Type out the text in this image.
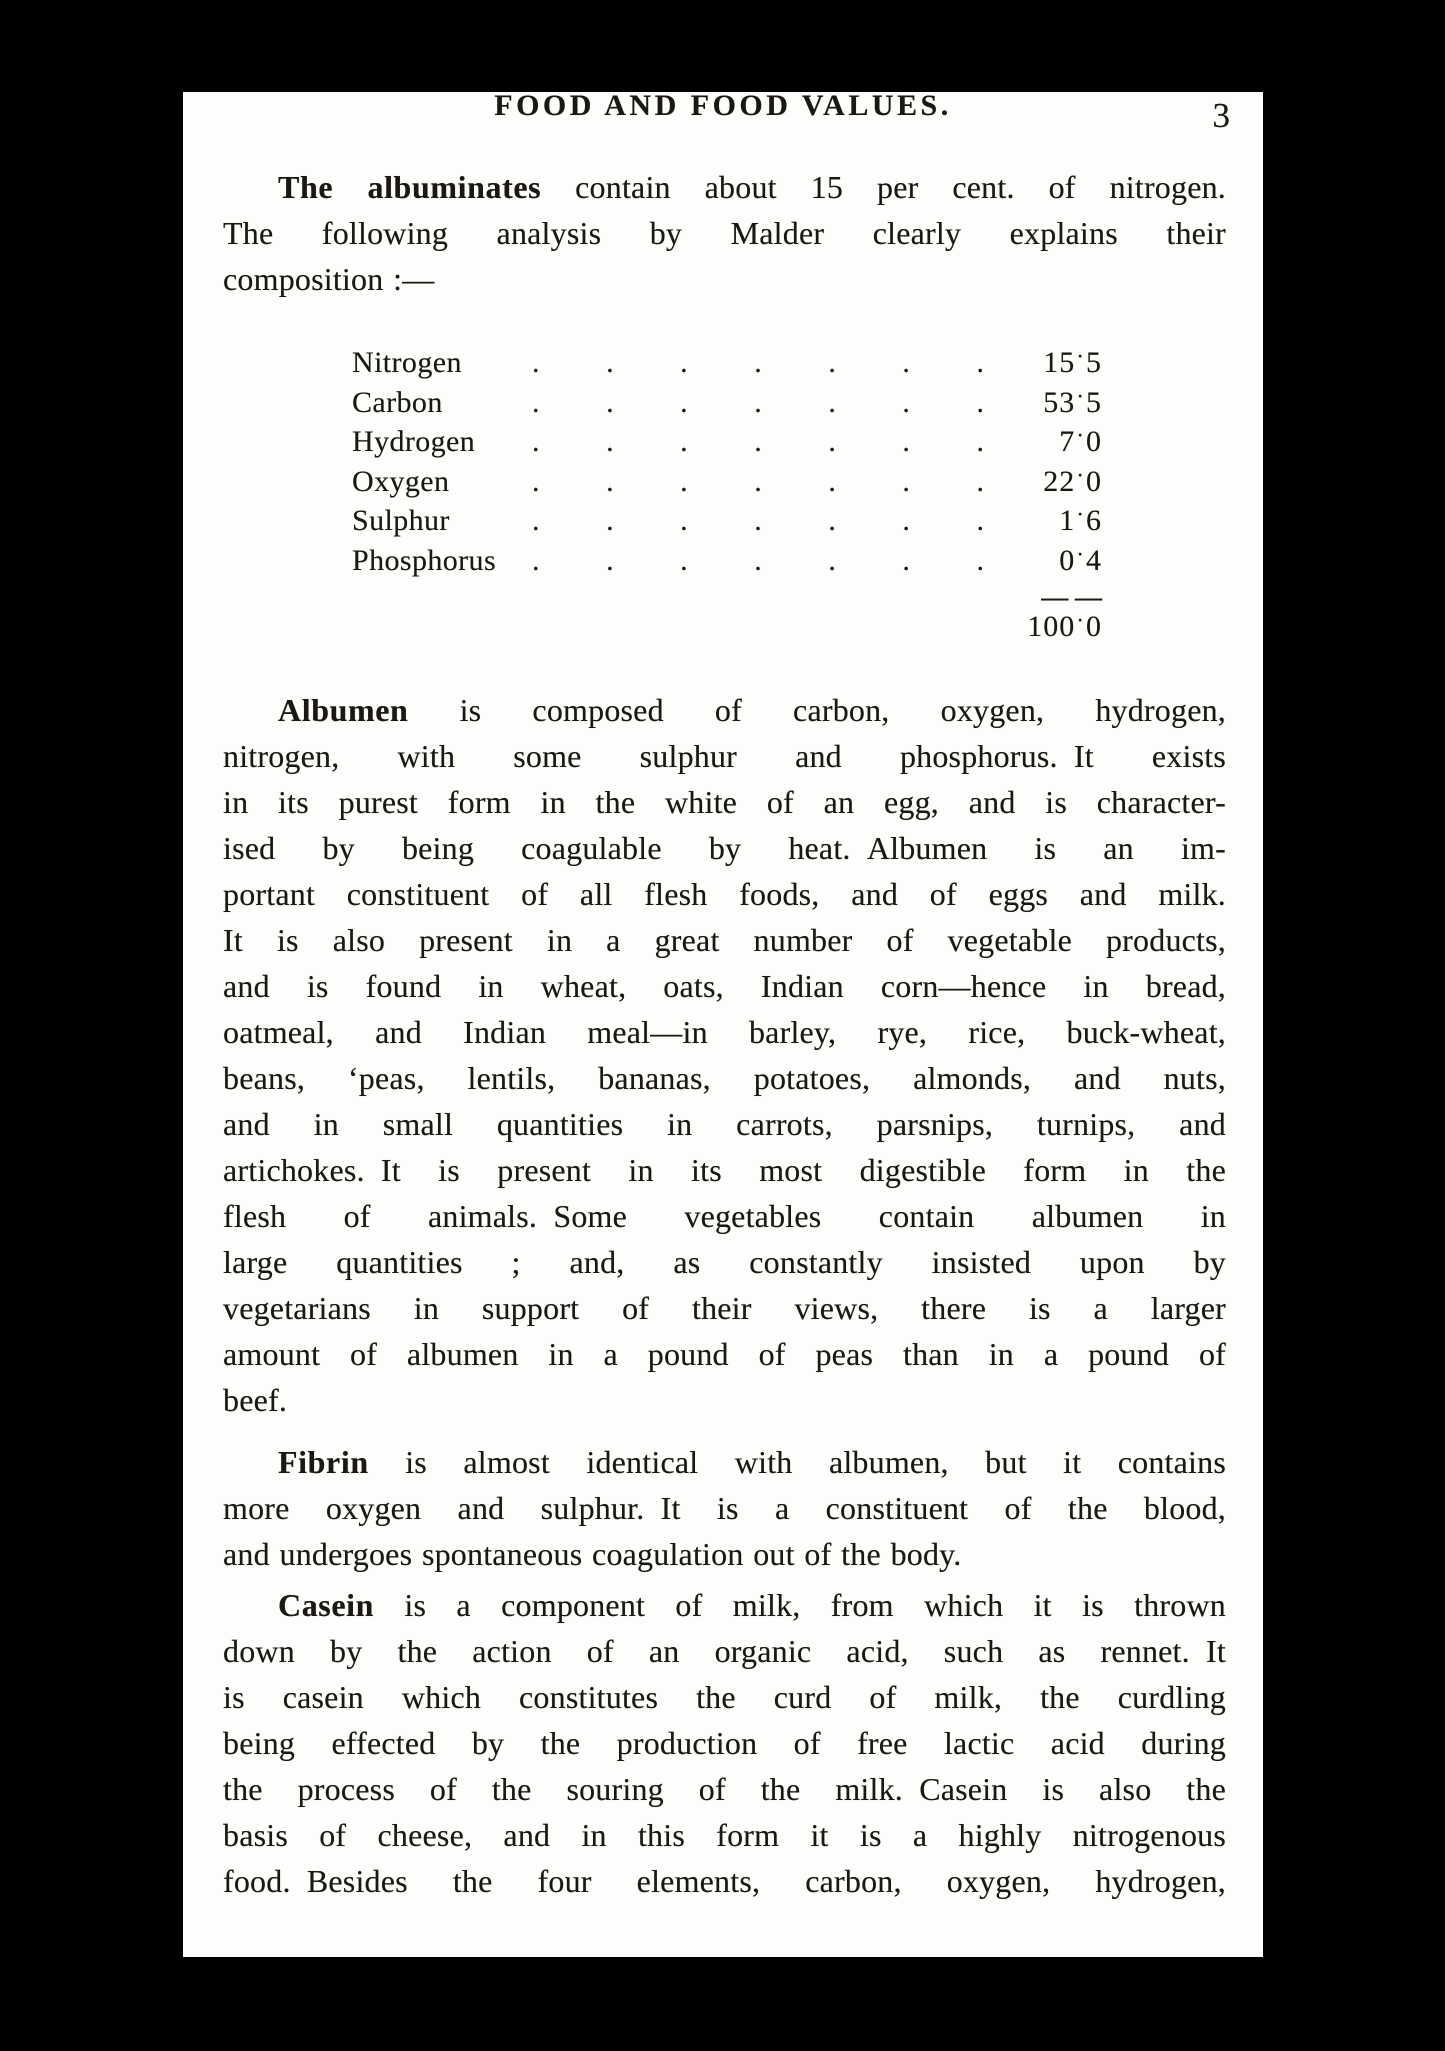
FOOD AND FOOD VALUES.	3
The albuminates contain about 15 per cent. of nitrogen.
The following analysis by Malder clearly explains their
composition :—
Nitrogen	. . . . . . .	15·5
Carbon	. . . . . . .	53·5
Hydrogen	. . . . . . .	7·0
Oxygen	. . . . . . .	22·0
Sulphur	. . . . . . .	1·6
Phosphorus	. . . . . . .	0·4
— —
100·0
Albumen is composed of carbon, oxygen, hydrogen,
nitrogen, with some sulphur and phosphorus. It exists
in its purest form in the white of an egg, and is character-
ised by being coagulable by heat. Albumen is an im-
portant constituent of all flesh foods, and of eggs and milk.
It is also present in a great number of vegetable products,
and is found in wheat, oats, Indian corn—hence in bread,
oatmeal, and Indian meal—in barley, rye, rice, buck-wheat,
beans, ‘peas, lentils, bananas, potatoes, almonds, and nuts,
and in small quantities in carrots, parsnips, turnips, and
artichokes. It is present in its most digestible form in the
flesh of animals. Some vegetables contain albumen in
large quantities ; and, as constantly insisted upon by
vegetarians in support of their views, there is a larger
amount of albumen in a pound of peas than in a pound of
beef.
Fibrin is almost identical with albumen, but it contains
more oxygen and sulphur. It is a constituent of the blood,
and undergoes spontaneous coagulation out of the body.
Casein is a component of milk, from which it is thrown
down by the action of an organic acid, such as rennet. It
is casein which constitutes the curd of milk, the curdling
being effected by the production of free lactic acid during
the process of the souring of the milk. Casein is also the
basis of cheese, and in this form it is a highly nitrogenous
food. Besides the four elements, carbon, oxygen, hydrogen,
